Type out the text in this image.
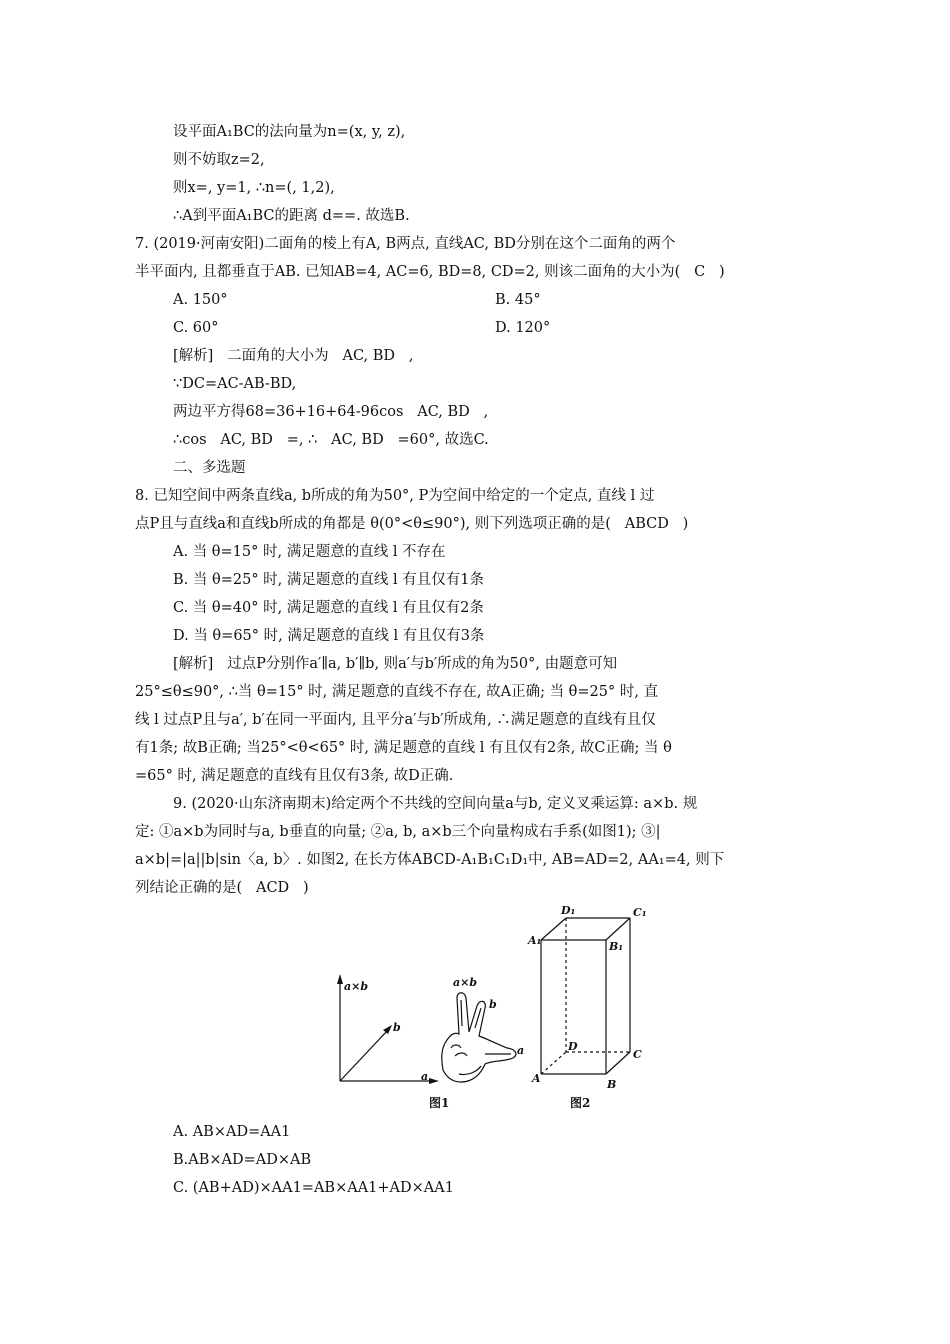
设平面A₁BC的法向量为n=(x, y, z),
则不妨取z=2,
则x=, y=1, ∴n=(, 1,2),
∴A到平面A₁BC的距离 d==. 故选B.
7. (2019·河南安阳)二面角的棱上有A, B两点, 直线AC, BD分别在这个二面角的两个
半平面内, 且都垂直于AB. 已知AB=4, AC=6, BD=8, CD=2, 则该二面角的大小为(   C   )
A. 150°	B. 45°
C. 60°	D. 120°
[解析]   二面角的大小为   AC, BD   ,
∵DC=AC-AB-BD,
两边平方得68=36+16+64-96cos   AC, BD   ,
∴cos   AC, BD   =, ∴   AC, BD   =60°, 故选C.
二、多选题
8. 已知空间中两条直线a, b所成的角为50°, P为空间中给定的一个定点, 直线 l 过
点P且与直线a和直线b所成的角都是 θ(0°<θ≤90°), 则下列选项正确的是(   ABCD   )
A. 当 θ=15° 时, 满足题意的直线 l 不存在
B. 当 θ=25° 时, 满足题意的直线 l 有且仅有1条
C. 当 θ=40° 时, 满足题意的直线 l 有且仅有2条
D. 当 θ=65° 时, 满足题意的直线 l 有且仅有3条
[解析]   过点P分别作a′∥a, b′∥b, 则a′与b′所成的角为50°, 由题意可知
25°≤θ≤90°, ∴当 θ=15° 时, 满足题意的直线不存在, 故A正确; 当 θ=25° 时, 直
线 l 过点P且与a′, b′在同一平面内, 且平分a′与b′所成角, ∴满足题意的直线有且仅
有1条; 故B正确; 当25°<θ<65° 时, 满足题意的直线 l 有且仅有2条, 故C正确; 当 θ
=65° 时, 满足题意的直线有且仅有3条, 故D正确.
9. (2020·山东济南期末)给定两个不共线的空间向量a与b, 定义叉乘运算: a×b. 规
定: ①a×b为同时与a, b垂直的向量; ②a, b, a×b三个向量构成右手系(如图1); ③|
a×b|=|a||b|sin〈a, b〉. 如图2, 在长方体ABCD-A₁B₁C₁D₁中, AB=AD=2, AA₁=4, 则下
列结论正确的是(   ACD   )
a×b
b
a
a×b
b
a
D₁	C₁
A₁	B₁
D
C
A	B
图1	图2
A. AB×AD=AA1
B.AB×AD=AD×AB
C. (AB+AD)×AA1=AB×AA1+AD×AA1
